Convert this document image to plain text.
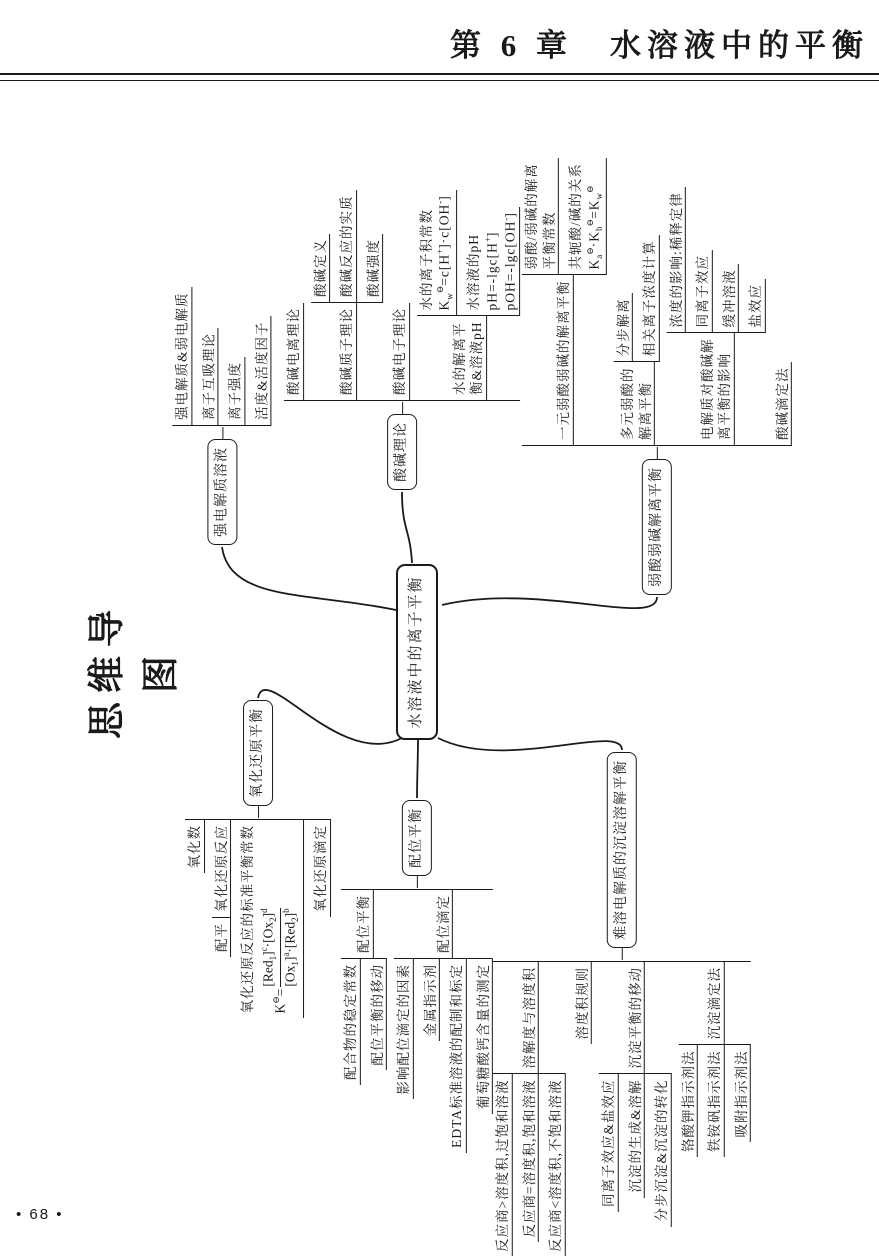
第 6 章　水溶液中的平衡
思维导图	水溶液中的离子平衡
强电解质溶液
强电解质&弱电解质 离子互吸理论 离子强度 活度&活度因子
酸碱理论
酸碱电离理论	酸碱质子理论
酸碱定义 酸碱反应的实质 酸碱强度
酸碱电子理论	水的解离平 衡&溶液pH
水的离子积常数 $K_w^⊖=c[H^+]\cdot c[OH^-]$
水溶液的pH pH=-lgc[H+] pOH=-lgc[OH-]
弱酸弱碱解离平衡
一元弱酸弱碱的解离平衡
弱酸/弱碱的解离 平衡常数 共轭酸/碱的关系 $K_a^⊖\cdot K_b^⊖=K_w^⊖$
多元弱酸的 解离平衡
分步解离 相关离子浓度计算
电解质对酸碱解 离平衡的影响
浓度的影响:稀释定律 同离子效应 缓冲溶液 盐效应
酸碱滴定法
氧化还原平衡
氧化数 氧化还原反应
配平 氧化还原反应的标准平衡常数 K⊖=
$[Red_1]^c\cdot[Ox_2]^d$
$[Ox_1]^a\cdot[Red_2]^b$	氧化还原滴定	配位平衡
配位平衡
配合物的稳定常数 配位平衡的移动
配位滴定
影响配位滴定的因素 金属指示剂 EDTA标准溶液的配制和标定 葡萄糖酸钙含量的测定
难溶电解质的沉淀溶解平衡
溶解度与溶度积
反应商>溶度积,过饱和溶液 反应商=溶度积,饱和溶液 反应商<溶度积,不饱和溶液
溶度积规则	沉淀平衡的移动
同离子效应&盐效应 沉淀的生成&溶解 分步沉淀&沉淀的转化
沉淀滴定法
铬酸钾指示剂法 铁铵矾指示剂法 吸附指示剂法
• 68 •
